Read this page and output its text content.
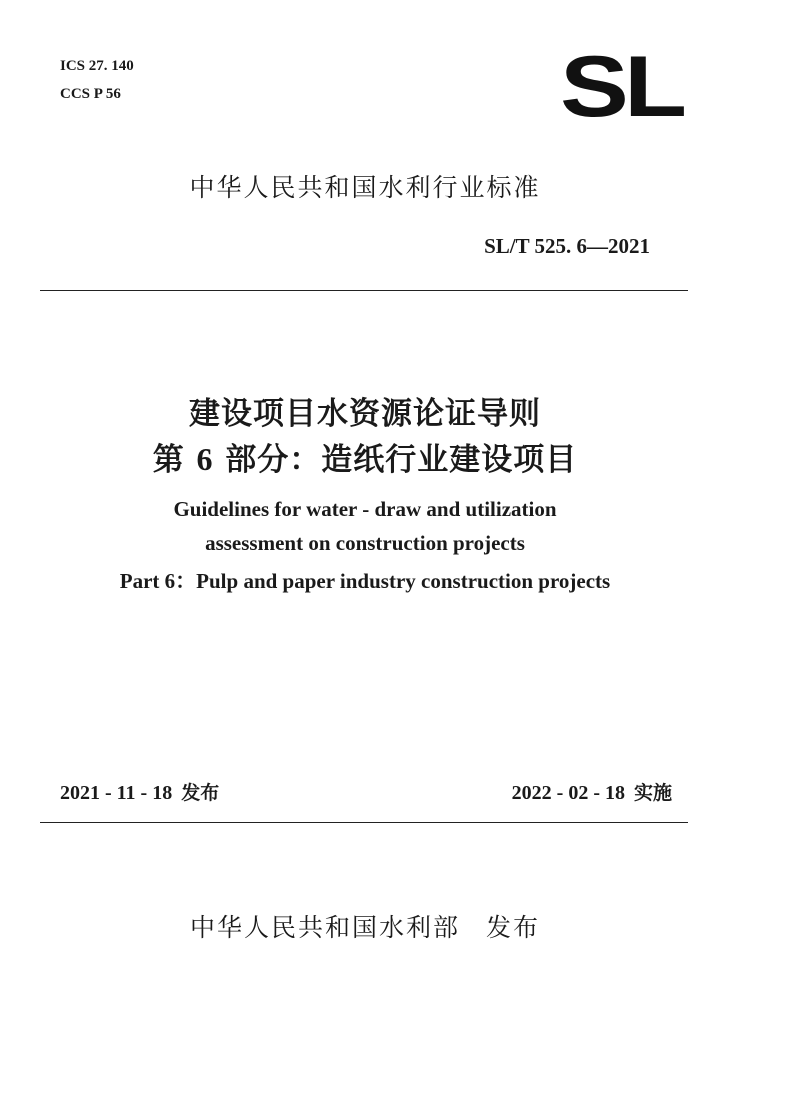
ICS 27. 140
CCS P 56	SL
中华人民共和国水利行业标准
SL/T 525. 6—2021
建设项目水资源论证导则
第 6 部分：造纸行业建设项目
Guidelines for water - draw and utilization
assessment on construction projects
Part 6：Pulp and paper industry construction projects
2021 - 11 - 18 发布	2022 - 02 - 18 实施
中华人民共和国水利部 发布
